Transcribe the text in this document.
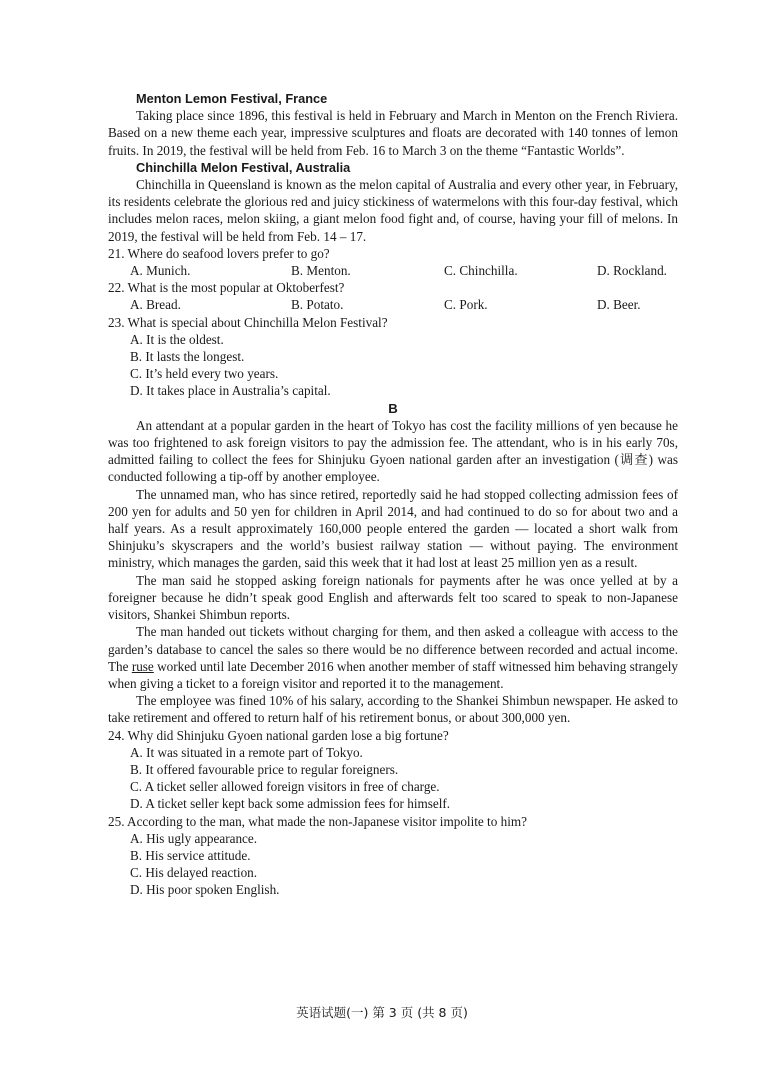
Menton Lemon Festival, France

Taking place since 1896, this festival is held in February and March in Menton on the French Riviera. Based on a new theme each year, impressive sculptures and floats are decorated with 140 tonnes of lemon fruits. In 2019, the festival will be held from Feb. 16 to March 3 on the theme “Fantastic Worlds”.

Chinchilla Melon Festival, Australia

Chinchilla in Queensland is known as the melon capital of Australia and every other year, in February, its residents celebrate the glorious red and juicy stickiness of watermelons with this four-day festival, which includes melon races, melon skiing, a giant melon food fight and, of course, having your fill of melons. In 2019, the festival will be held from Feb. 14 – 17.

21. Where do seafood lovers prefer to go?

A. Munich.	B. Menton.	C. Chinchilla.	D. Rockland.

22. What is the most popular at Oktoberfest?

A. Bread.	B. Potato.	C. Pork.	D. Beer.

23. What is special about Chinchilla Melon Festival?

A. It is the oldest.
B. It lasts the longest.
C. It’s held every two years.
D. It takes place in Australia’s capital.
B

An attendant at a popular garden in the heart of Tokyo has cost the facility millions of yen because he was too frightened to ask foreign visitors to pay the admission fee. The attendant, who is in his early 70s, admitted failing to collect the fees for Shinjuku Gyoen national garden after an investigation (调查) was conducted following a tip-off by another employee.

The unnamed man, who has since retired, reportedly said he had stopped collecting admission fees of 200 yen for adults and 50 yen for children in April 2014, and had continued to do so for about two and a half years. As a result approximately 160,000 people entered the garden — located a short walk from Shinjuku’s skyscrapers and the world’s busiest railway station — without paying. The environment ministry, which manages the garden, said this week that it had lost at least 25 million yen as a result.

The man said he stopped asking foreign nationals for payments after he was once yelled at by a foreigner because he didn’t speak good English and afterwards felt too scared to speak to non-Japanese visitors, Shankei Shimbun reports.

The man handed out tickets without charging for them, and then asked a colleague with access to the garden’s database to cancel the sales so there would be no difference between recorded and actual income. The ruse worked until late December 2016 when another member of staff witnessed him behaving strangely when giving a ticket to a foreign visitor and reported it to the management.

The employee was fined 10% of his salary, according to the Shankei Shimbun newspaper. He asked to take retirement and offered to return half of his retirement bonus, or about 300,000 yen.

24. Why did Shinjuku Gyoen national garden lose a big fortune?

A. It was situated in a remote part of Tokyo.
B. It offered favourable price to regular foreigners.
C. A ticket seller allowed foreign visitors in free of charge.
D. A ticket seller kept back some admission fees for himself.

25. According to the man, what made the non-Japanese visitor impolite to him?

A. His ugly appearance.
B. His service attitude.
C. His delayed reaction.
D. His poor spoken English.
英语试题(一) 第 3 页 (共 8 页)
